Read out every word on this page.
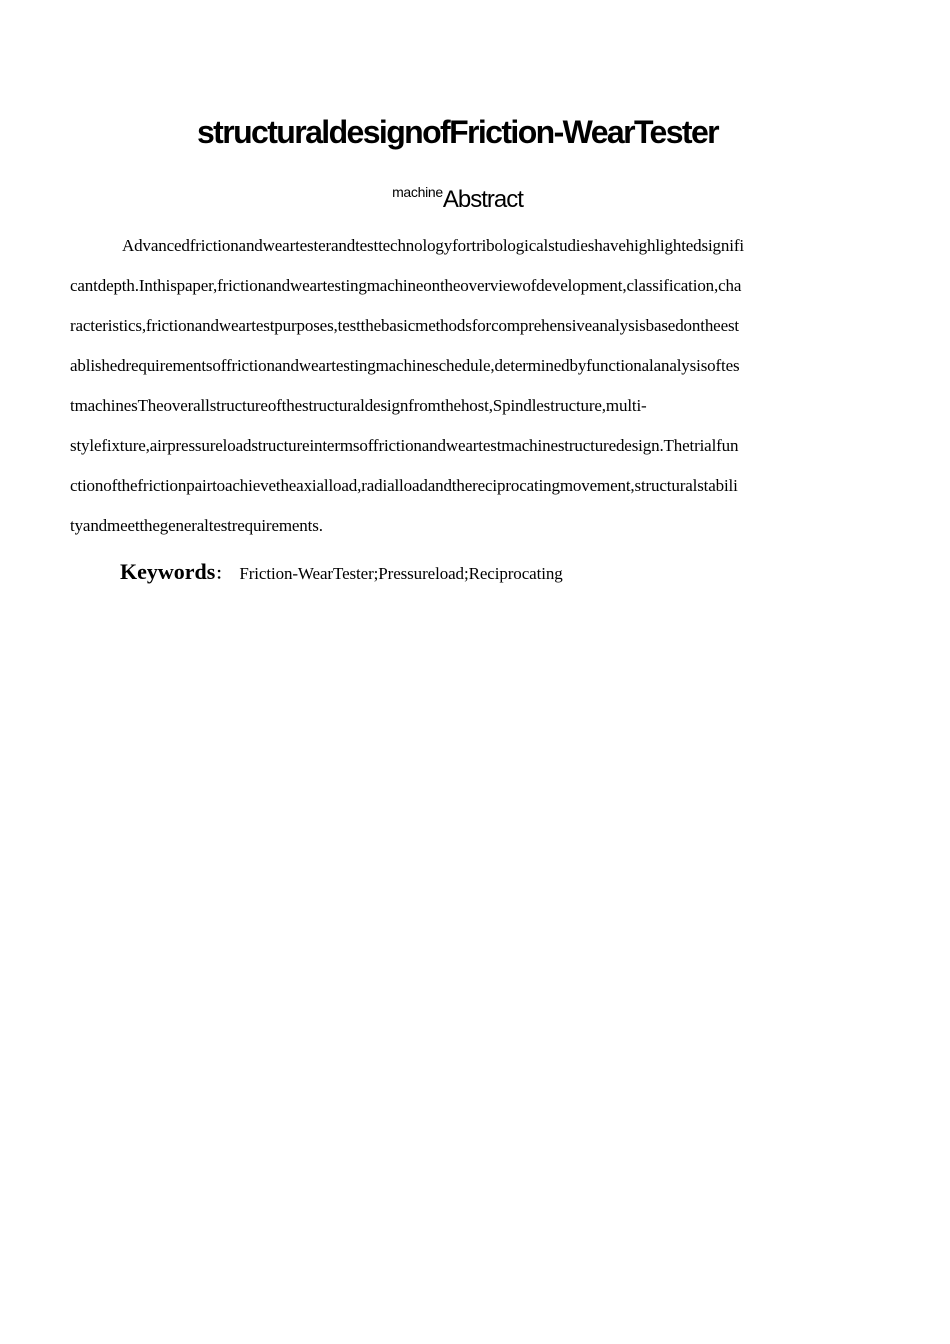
structuraldesignofFriction-WearTester
machineAbstract
Advancedfrictionandweartesterandtesttechnologyfortribologicalstudieshavehighlightedsignifi
cantdepth.Inthispaper,frictionandweartestingmachineontheoverviewofdevelopment,classification,cha
racteristics,frictionandweartestpurposes,testthebasicmethodsforcomprehensiveanalysisbasedontheest
ablishedrequirementsoffrictionandweartestingmachineschedule,determinedbyfunctionalanalysisoftes
tmachinesTheoverallstructureofthestructuraldesignfromthehost,Spindlestructure,multi-
stylefixture,airpressureloadstructureintermsoffrictionandweartestmachinestructuredesign.Thetrialfun
ctionofthefrictionpairtoachievetheaxialload,radialloadandthereciprocatingmovement,structuralstabili
tyandmeetthegeneraltestrequirements.
Keywords： Friction-WearTester;Pressureload;Reciprocating
